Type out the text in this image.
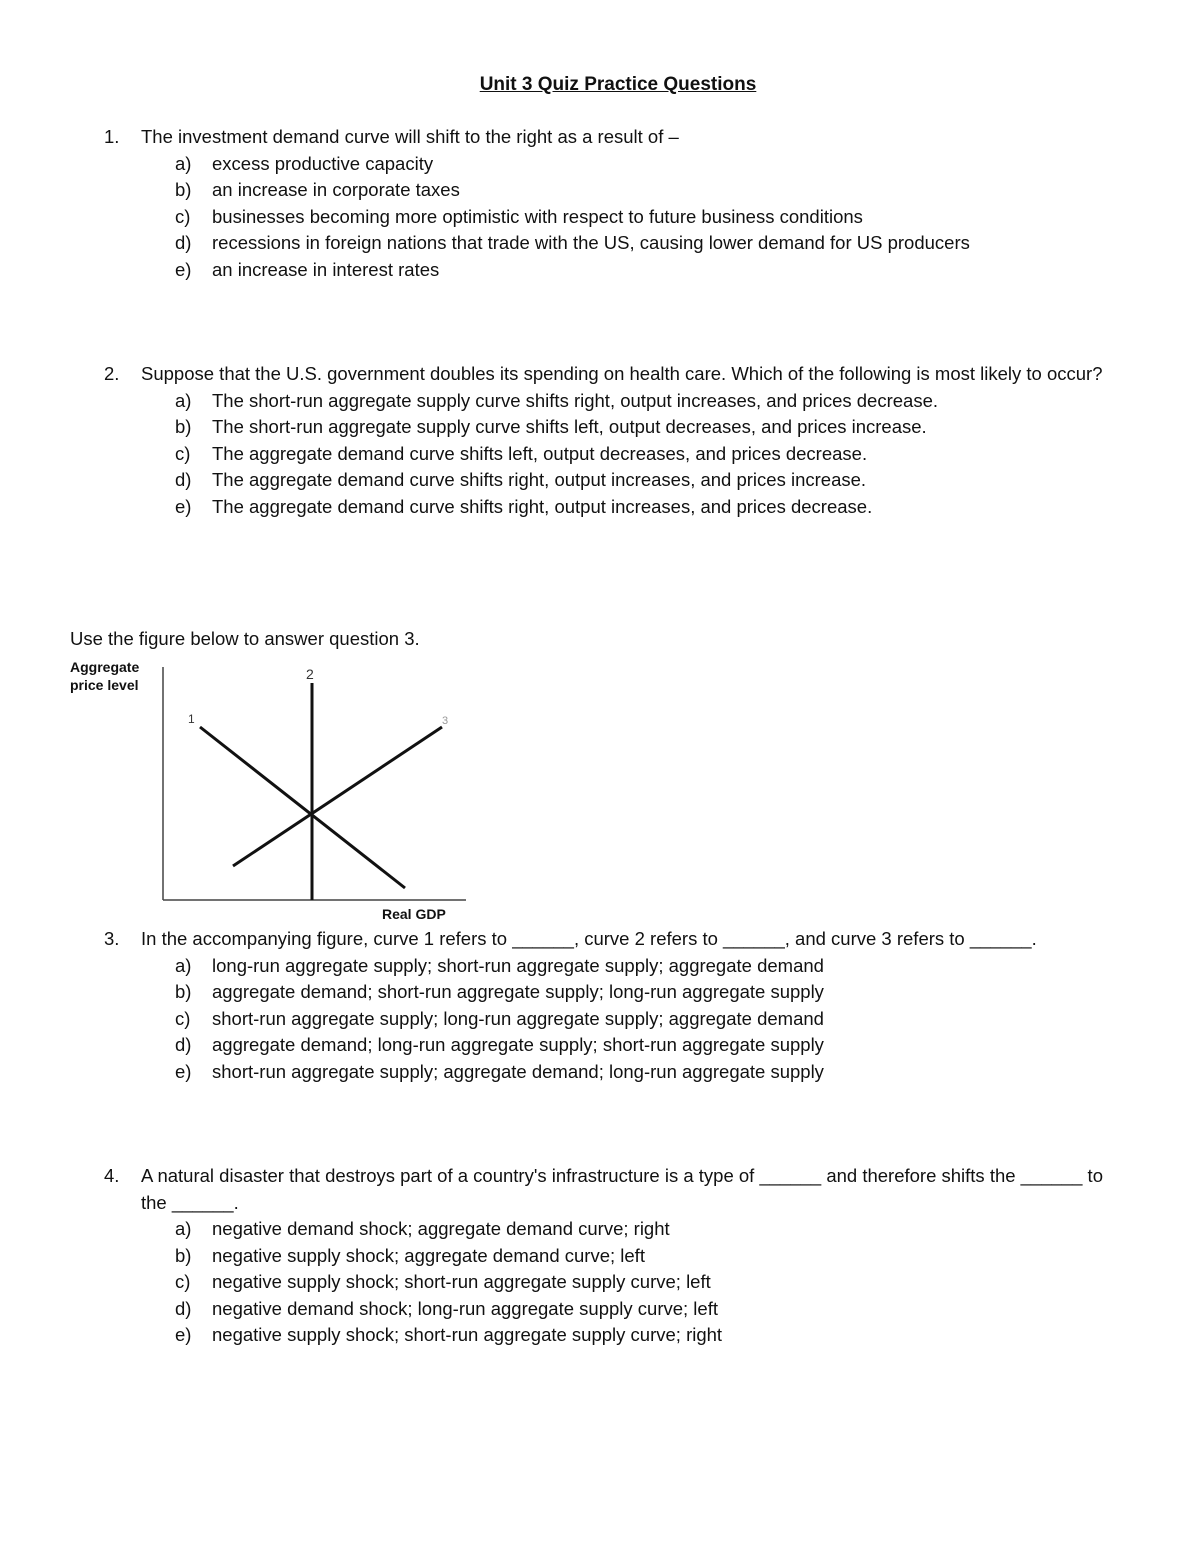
Unit 3 Quiz Practice Questions
1. The investment demand curve will shift to the right as a result of –
a) excess productive capacity
b) an increase in corporate taxes
c) businesses becoming more optimistic with respect to future business conditions
d) recessions in foreign nations that trade with the US, causing lower demand for US producers
e) an increase in interest rates
2. Suppose that the U.S. government doubles its spending on health care. Which of the following is most likely to occur?
a) The short-run aggregate supply curve shifts right, output increases, and prices decrease.
b) The short-run aggregate supply curve shifts left, output decreases, and prices increase.
c) The aggregate demand curve shifts left, output decreases, and prices decrease.
d) The aggregate demand curve shifts right, output increases, and prices increase.
e) The aggregate demand curve shifts right, output increases, and prices decrease.

Use the figure below to answer question 3.

Aggregate
price level
1
2
3
Real GDP
3. In the accompanying figure, curve 1 refers to ______, curve 2 refers to ______, and curve 3 refers to ______.
a) long-run aggregate supply; short-run aggregate supply; aggregate demand
b) aggregate demand; short-run aggregate supply; long-run aggregate supply
c) short-run aggregate supply; long-run aggregate supply; aggregate demand
d) aggregate demand; long-run aggregate supply; short-run aggregate supply
e) short-run aggregate supply; aggregate demand; long-run aggregate supply
4. A natural disaster that destroys part of a country's infrastructure is a type of ______ and therefore shifts the ______ to the ______.
a) negative demand shock; aggregate demand curve; right
b) negative supply shock; aggregate demand curve; left
c) negative supply shock; short-run aggregate supply curve; left
d) negative demand shock; long-run aggregate supply curve; left
e) negative supply shock; short-run aggregate supply curve; right
